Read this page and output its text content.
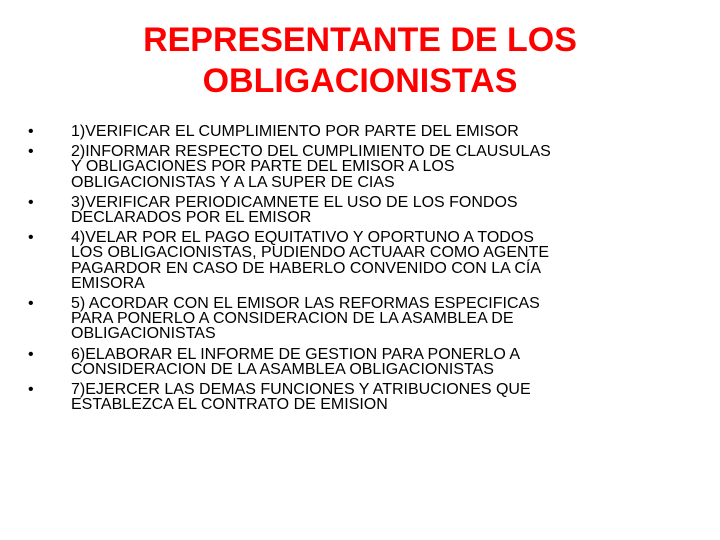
REPRESENTANTE DE LOS
OBLIGACIONISTAS
•	1)VERIFICAR EL CUMPLIMIENTO POR PARTE DEL EMISOR
•	2)INFORMAR RESPECTO DEL CUMPLIMIENTO DE CLAUSULAS
Y OBLIGACIONES POR PARTE DEL EMISOR A LOS
OBLIGACIONISTAS Y A LA SUPER DE CIAS
•	3)VERIFICAR PERIODICAMNETE EL USO DE LOS FONDOS
DECLARADOS POR EL EMISOR
•	4)VELAR POR EL PAGO EQUITATIVO Y OPORTUNO A TODOS
LOS OBLIGACIONISTAS, PUDIENDO ACTUAAR COMO AGENTE
PAGARDOR EN CASO DE HABERLO CONVENIDO CON LA CÍA
EMISORA
•	5) ACORDAR CON EL EMISOR LAS REFORMAS ESPECIFICAS
PARA PONERLO A CONSIDERACION DE LA ASAMBLEA DE
OBLIGACIONISTAS
•	6)ELABORAR EL INFORME DE GESTION PARA PONERLO A
CONSIDERACION DE LA ASAMBLEA OBLIGACIONISTAS
•	7)EJERCER LAS DEMAS FUNCIONES Y ATRIBUCIONES QUE
ESTABLEZCA EL CONTRATO DE EMISION
